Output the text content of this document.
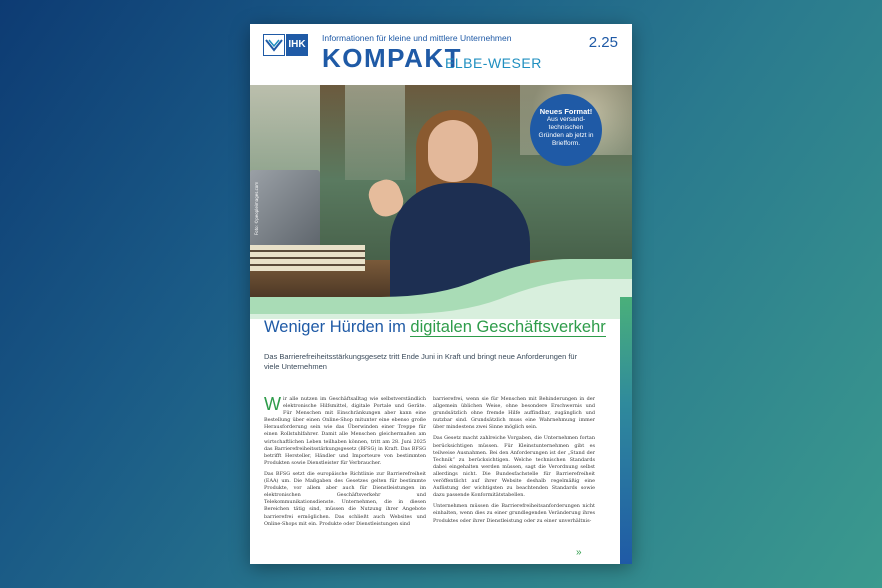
IHK
Informationen für kleine und mittlere Unternehmen
KOMPAKT
ELBE-WESER
2.25
Foto: ©peopleimages.com
Neues Format!
Aus versand-technischen Gründen ab jetzt in Briefform.
Weniger Hürden im digitalen Geschäftsverkehr
Das Barrierefreiheitsstärkungsgesetz tritt Ende Juni in Kraft und bringt neue Anforderungen für viele Unternehmen

Wir alle nutzen im Geschäftsalltag wie selbstverständlich elektronische Hilfsmittel, digitale Portale und Geräte. Für Menschen mit Einschränkungen aber kann eine Bestellung über einen Online-Shop mitunter eine ebenso große Herausforderung sein wie das Überwinden einer Treppe für einen Rollstuhlfahrer. Damit alle Menschen gleichermaßen am wirtschaftlichen Leben teilhaben können, tritt am 28. Juni 2025 das Barrierefreiheitsstärkungsgesetz (BFSG) in Kraft. Das BFSG betrifft Hersteller, Händler und Importeure von bestimmten Produkten sowie Dienstleister für Verbraucher.

Das BFSG setzt die europäische Richtlinie zur Barrierefreiheit (EAA) um. Die Maßgaben des Gesetzes gelten für bestimmte Produkte, vor allem aber auch für Dienstleistungen im elektronischen Geschäftsverkehr und Telekommunikationsdienste. Unternehmen, die in diesen Bereichen tätig sind, müssen die Nutzung ihrer Angebote barrierefrei ermöglichen. Das schließt auch Websites und Online-Shops mit ein. Produkte oder Dienstleistungen sind

barrierefrei, wenn sie für Menschen mit Behinderungen in der allgemein üblichen Weise, ohne besondere Erschwernis und grundsätzlich ohne fremde Hilfe auffindbar, zugänglich und nutzbar sind. Grundsätzlich muss eine Wahrnehmung immer über mindestens zwei Sinne möglich sein.

Das Gesetz macht zahlreiche Vorgaben, die Unternehmen fortan berücksichtigen müssen. Für Kleinstunternehmen gibt es teilweise Ausnahmen. Bei den Anforderungen ist der „Stand der Technik“ zu berücksichtigen. Welche technischen Standards dabei eingehalten werden müssen, sagt die Verordnung selbst allerdings nicht. Die Bundesfachstelle für Barrierefreiheit veröffentlicht auf ihrer Website deshalb regelmäßig eine Auflistung der wichtigsten zu beachtenden Standards sowie dazu passende Konformitätstabellen.

Unternehmen müssen die Barrierefreiheitsanforderungen nicht einhalten, wenn dies zu einer grundlegenden Veränderung ihres Produktes oder ihrer Dienstleistung oder zu einer unverhältnis-

»
